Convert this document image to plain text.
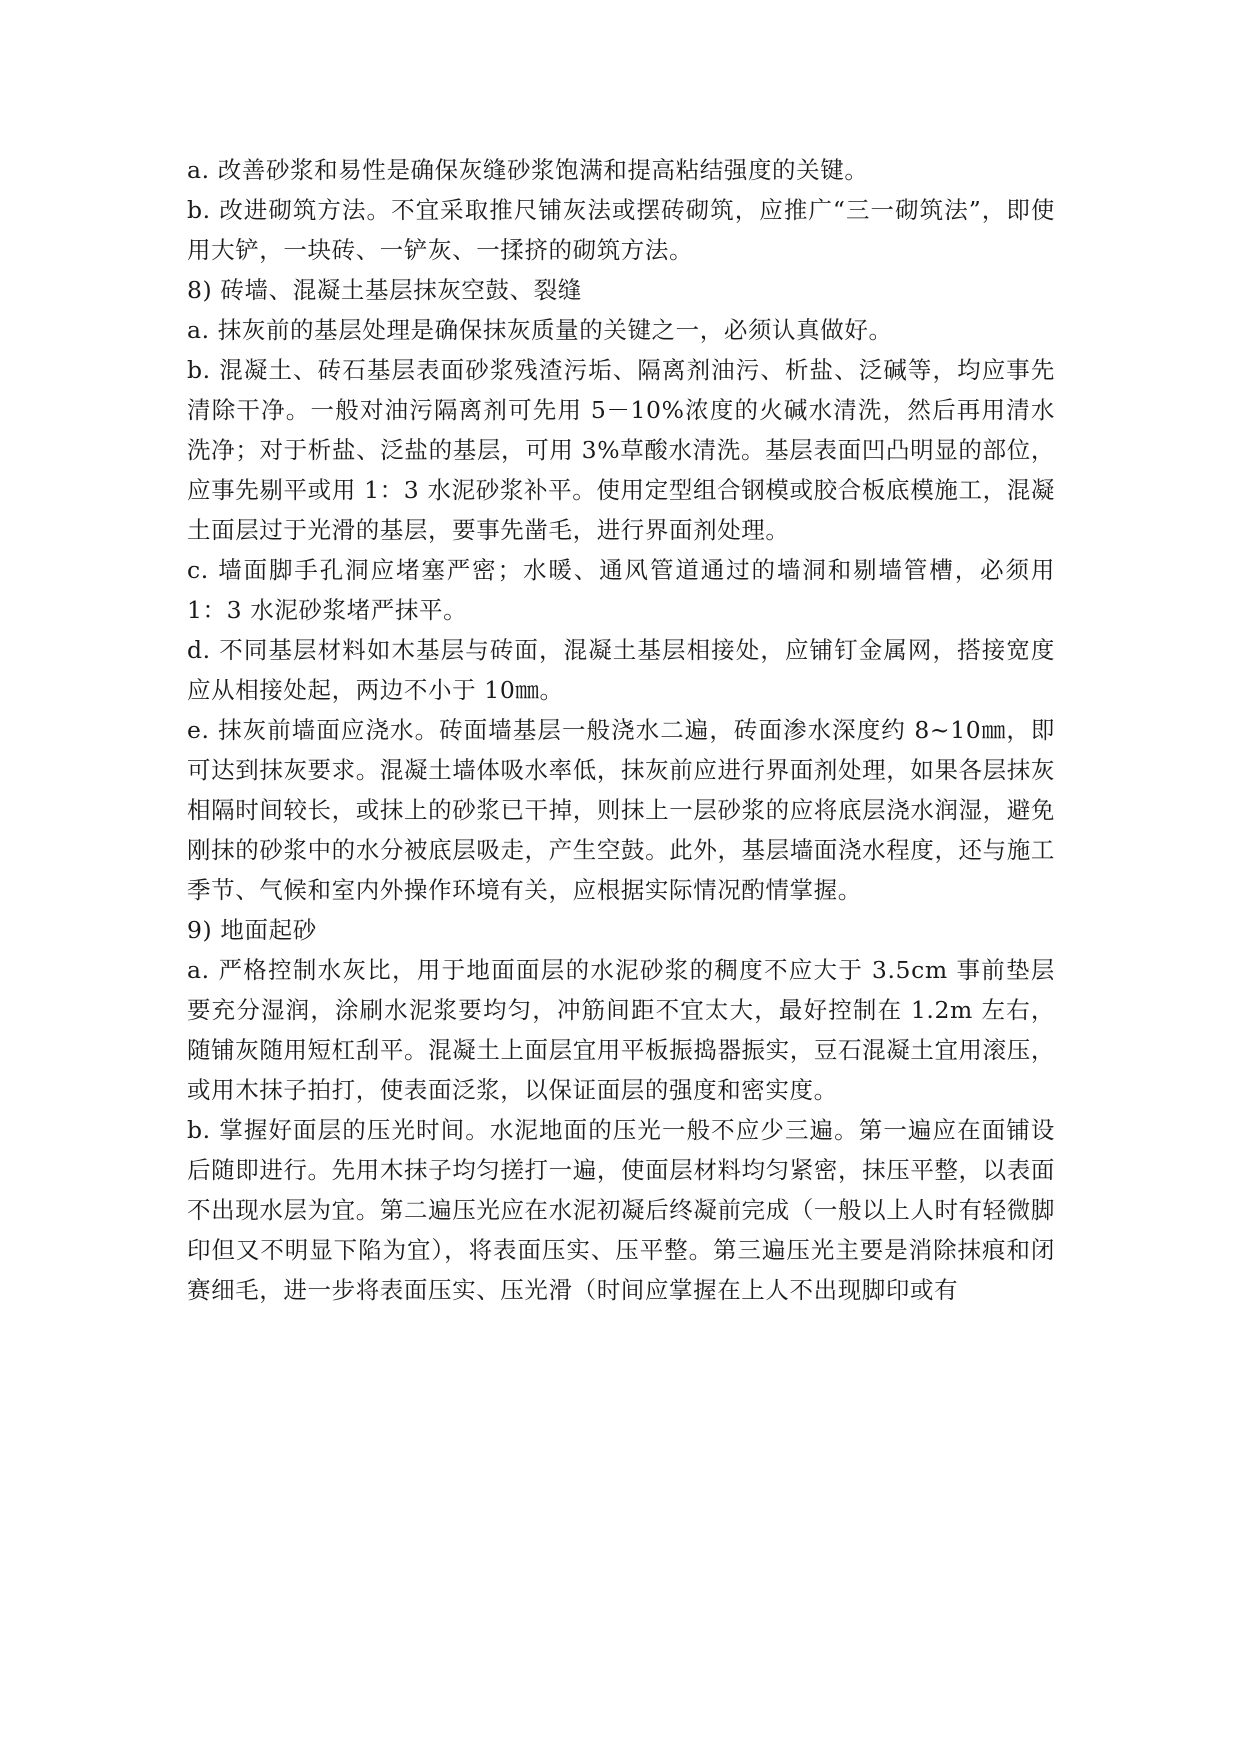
a. 改善砂浆和易性是确保灰缝砂浆饱满和提高粘结强度的关键。

b. 改进砌筑方法。不宜采取推尺铺灰法或摆砖砌筑，应推广“三一砌筑法”，即使用大铲，一块砖、一铲灰、一揉挤的砌筑方法。

8) 砖墙、混凝土基层抹灰空鼓、裂缝

a. 抹灰前的基层处理是确保抹灰质量的关键之一，必须认真做好。

b. 混凝土、砖石基层表面砂浆残渣污垢、隔离剂油污、析盐、泛碱等，均应事先清除干净。一般对油污隔离剂可先用 5－10%浓度的火碱水清洗，然后再用清水洗净；对于析盐、泛盐的基层，可用 3%草酸水清洗。基层表面凹凸明显的部位，应事先剔平或用 1：3 水泥砂浆补平。使用定型组合钢模或胶合板底模施工，混凝土面层过于光滑的基层，要事先凿毛，进行界面剂处理。

c. 墙面脚手孔洞应堵塞严密；水暖、通风管道通过的墙洞和剔墙管槽，必须用 1：3 水泥砂浆堵严抹平。

d. 不同基层材料如木基层与砖面，混凝土基层相接处，应铺钉金属网，搭接宽度应从相接处起，两边不小于 10㎜。

e. 抹灰前墙面应浇水。砖面墙基层一般浇水二遍，砖面渗水深度约 8~10㎜，即可达到抹灰要求。混凝土墙体吸水率低，抹灰前应进行界面剂处理，如果各层抹灰相隔时间较长，或抹上的砂浆已干掉，则抹上一层砂浆的应将底层浇水润湿，避免刚抹的砂浆中的水分被底层吸走，产生空鼓。此外，基层墙面浇水程度，还与施工季节、气候和室内外操作环境有关，应根据实际情况酌情掌握。

9) 地面起砂

a. 严格控制水灰比，用于地面面层的水泥砂浆的稠度不应大于 3.5cm 事前垫层要充分湿润，涂刷水泥浆要均匀，冲筋间距不宜太大，最好控制在 1.2m 左右，随铺灰随用短杠刮平。混凝土上面层宜用平板振捣器振实，豆石混凝土宜用滚压，或用木抹子拍打，使表面泛浆，以保证面层的强度和密实度。

b. 掌握好面层的压光时间。水泥地面的压光一般不应少三遍。第一遍应在面铺设后随即进行。先用木抹子均匀搓打一遍，使面层材料均匀紧密，抹压平整，以表面不出现水层为宜。第二遍压光应在水泥初凝后终凝前完成（一般以上人时有轻微脚印但又不明显下陷为宜），将表面压实、压平整。第三遍压光主要是消除抹痕和闭赛细毛，进一步将表面压实、压光滑（时间应掌握在上人不出现脚印或有
